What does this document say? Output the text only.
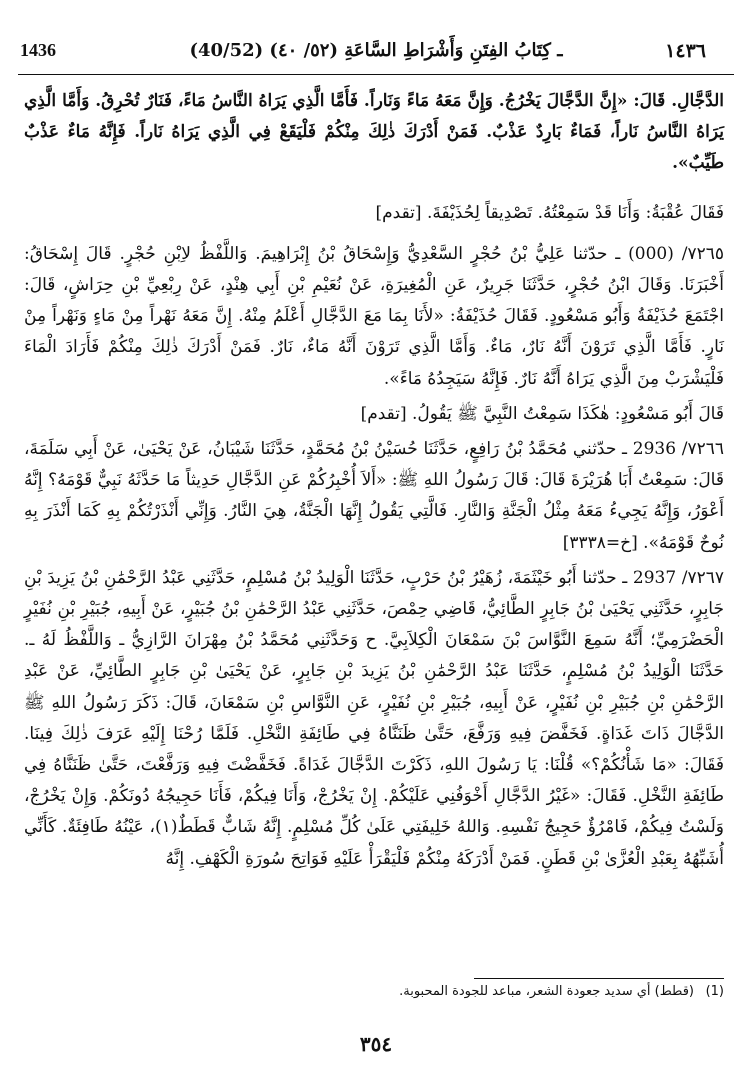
1436	(40/52) ـ كِتَابُ الفِتَنِ وَأَشْرَاطِ السَّاعَةِ (٥٢/ ٤٠)	١٤٣٦

الدَّجَّالِ. قَالَ: «إِنَّ الدَّجَّالَ يَخْرُجُ. وَإِنَّ مَعَهُ مَاءً وَنَاراً. فَأَمَّا الَّذِي يَرَاهُ النَّاسُ مَاءً، فَنَارٌ تُحْرِقُ. وَأَمَّا الَّذِي يَرَاهُ النَّاسُ نَاراً، فَمَاءٌ بَارِدٌ عَذْبٌ. فَمَنْ أَدْرَكَ ذٰلِكَ مِنْكُمْ فَلْيَقَعْ فِي الَّذِي يَرَاهُ نَاراً. فَإِنَّهُ مَاءٌ عَذْبٌ طَيِّبٌ».

فَقَالَ عُقْبَةُ: وَأَنَا قَدْ سَمِعْتُهُ. تَصْدِيقاً لِحُذَيْفَةَ. [تقدم]

٧٢٦٥/ (000) ـ حدّثنا عَلِيُّ بْنُ حُجْرٍ السَّعْدِيُّ وَإِسْحَاقُ بْنُ إِبْرَاهِيمَ. وَاللَّفْظُ لاِبْنِ حُجْرٍ. قَالَ إِسْحَاقُ: أَخْبَرَنَا. وَقَالَ ابْنُ حُجْرٍ، حَدَّثَنَا جَرِيرٌ، عَنِ الْمُغِيرَةِ، عَنْ نُعَيْمِ بْنِ أَبِي هِنْدٍ، عَنْ رِبْعِيِّ بْنِ حِرَاشٍ، قَالَ: اجْتَمَعَ حُذَيْفَةُ وَأَبُو مَسْعُودٍ. فَقَالَ حُذَيْفَةُ: «لأَنَا بِمَا مَعَ الدَّجَّالِ أَعْلَمُ مِنْهُ. إِنَّ مَعَهُ نَهْراً مِنْ مَاءٍ وَنَهْراً مِنْ نَارٍ. فَأَمَّا الَّذِي تَرَوْنَ أَنَّهُ نَارٌ، مَاءٌ. وَأَمَّا الَّذِي تَرَوْنَ أَنَّهُ مَاءٌ، نَارٌ. فَمَنْ أَدْرَكَ ذٰلِكَ مِنْكُمْ فَأَرَادَ الْمَاءَ فَلْيَشْرَبْ مِنَ الَّذِي يَرَاهُ أَنَّهُ نَارٌ. فَإِنَّهُ سَيَجِدُهُ مَاءً».

قَالَ أَبُو مَسْعُودٍ: هٰكَذَا سَمِعْتُ النَّبِيَّ ﷺ يَقُولُ. [تقدم]

٧٢٦٦/ 2936 ـ حدّثني مُحَمَّدُ بْنُ رَافِعٍ، حَدَّثَنَا حُسَيْنُ بْنُ مُحَمَّدٍ، حَدَّثَنَا شَيْبَانُ، عَنْ يَحْيَىٰ، عَنْ أَبِي سَلَمَةَ، قَالَ: سَمِعْتُ أَبَا هُرَيْرَةَ قَالَ: قَالَ رَسُولُ اللهِ ﷺ: «أَلاَ أُخْبِرُكُمْ عَنِ الدَّجَّالِ حَدِيثاً مَا حَدَّثَهُ نَبِيٌّ قَوْمَهُ؟ إِنَّهُ أَعْوَرُ، وَإِنَّهُ يَجِيءُ مَعَهُ مِثْلُ الْجَنَّةِ وَالنَّارِ. فَالَّتِي يَقُولُ إِنَّهَا الْجَنَّةُ، هِيَ النَّارُ. وَإِنِّي أَنْذَرْتُكُمْ بِهِ كَمَا أَنْذَرَ بِهِ نُوحٌ قَوْمَهُ». [خ=٣٣٣٨]

٧٢٦٧/ 2937 ـ حدّثنا أَبُو خَيْثَمَةَ، زُهَيْرُ بْنُ حَرْبٍ، حَدَّثَنَا الْوَلِيدُ بْنُ مُسْلِمٍ، حَدَّثَنِي عَبْدُ الرَّحْمَٰنِ بْنُ يَزِيدَ بْنِ جَابِرٍ، حَدَّثَنِي يَحْيَىٰ بْنُ جَابِرٍ الطَّائِيُّ، قَاضِي حِمْصَ، حَدَّثَنِي عَبْدُ الرَّحْمَٰنِ بْنُ جُبَيْرٍ، عَنْ أَبِيهِ، جُبَيْرِ بْنِ نُفَيْرٍ الْحَضْرَمِيِّ؛ أَنَّهُ سَمِعَ النَّوَّاسَ بْنَ سَمْعَانَ الْكِلاَبِيَّ. ح وَحَدَّثَنِي مُحَمَّدُ بْنُ مِهْرَانَ الرَّازِيُّ ـ وَاللَّفْظُ لَهُ ـ. حَدَّثَنَا الْوَلِيدُ بْنُ مُسْلِمٍ، حَدَّثَنَا عَبْدُ الرَّحْمَٰنِ بْنُ يَزِيدَ بْنِ جَابِرٍ، عَنْ يَحْيَىٰ بْنِ جَابِرٍ الطَّائِيِّ، عَنْ عَبْدِ الرَّحْمَٰنِ بْنِ جُبَيْرِ بْنِ نُفَيْرٍ، عَنْ أَبِيهِ، جُبَيْرِ بْنِ نُفَيْرٍ، عَنِ النَّوَّاسِ بْنِ سَمْعَانَ، قَالَ: ذَكَرَ رَسُولُ اللهِ ﷺ الدَّجَّالَ ذَاتَ غَدَاةٍ. فَخَفَّضَ فِيهِ وَرَفَّعَ، حَتَّىٰ ظَنَنَّاهُ فِي طَائِفَةِ النَّخْلِ. فَلَمَّا رُحْنَا إِلَيْهِ عَرَفَ ذٰلِكَ فِينَا. فَقَالَ: «مَا شَأْنُكُمْ؟» قُلْنَا: يَا رَسُولَ اللهِ، ذَكَرْتَ الدَّجَّالَ غَدَاةً. فَخَفَّضْتَ فِيهِ وَرَفَّعْتَ، حَتَّىٰ ظَنَنَّاهُ فِي طَائِفَةِ النَّخْلِ. فَقَالَ: «غَيْرُ الدَّجَّالِ أَخْوَفُنِي عَلَيْكُمْ. إِنْ يَخْرُجْ، وَأَنَا فِيكُمْ، فَأَنَا حَجِيجُهُ دُونَكُمْ. وَإِنْ يَخْرُجْ، وَلَسْتُ فِيكُمْ، فَامْرُؤٌ حَجِيجُ نَفْسِهِ. وَاللهُ خَلِيفَتِي عَلَىٰ كُلِّ مُسْلِمٍ. إِنَّهُ شَابٌّ قَطَطٌ(١)، عَيْنُهُ طَافِئَةٌ. كَأَنِّي أُشَبِّهُهُ بِعَبْدِ الْعُزَّىٰ بْنِ قَطَنٍ. فَمَنْ أَدْرَكَهُ مِنْكُمْ فَلْيَقْرَأْ عَلَيْهِ فَوَاتِحَ سُورَةِ الْكَهْفِ. إِنَّهُ

(1)
(قطط) أي سديد جعودة الشعر، مباعد للجودة المحبوبة.
٣٥٤
